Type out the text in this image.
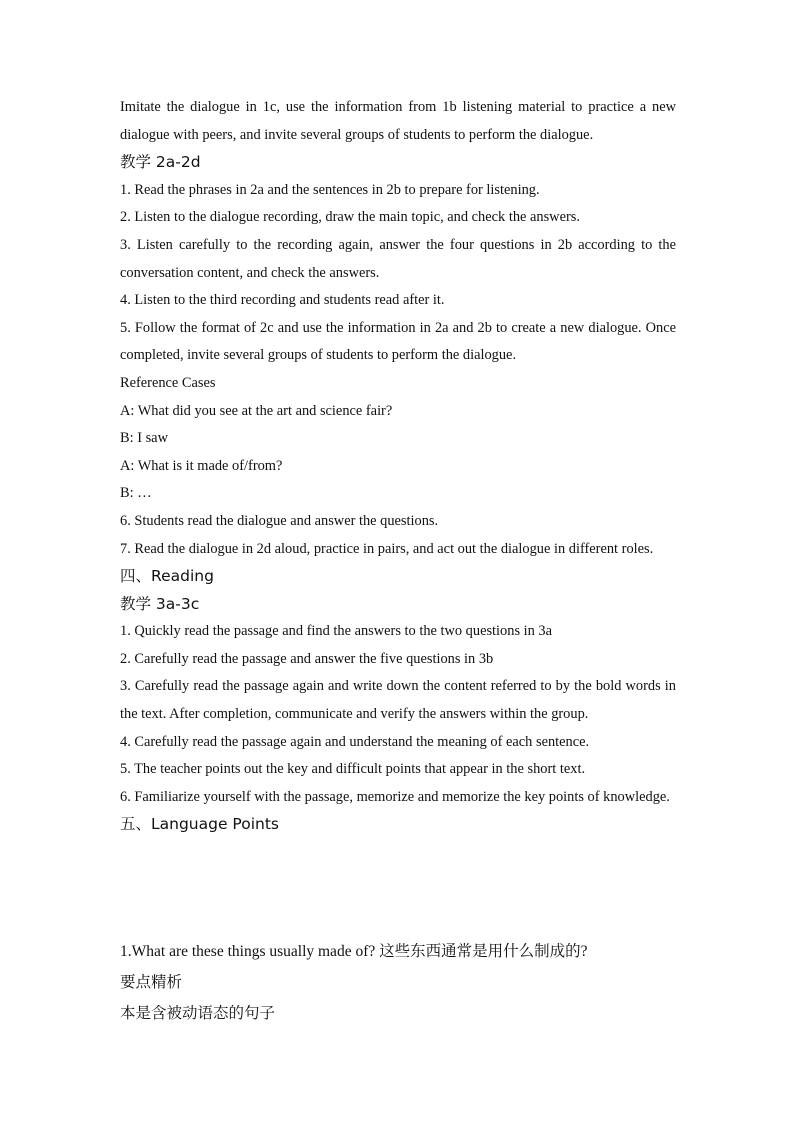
Imitate the dialogue in 1c, use the information from 1b listening material to practice a new dialogue with peers, and invite several groups of students to perform the dialogue.

教学 2a-2d

1. Read the phrases in 2a and the sentences in 2b to prepare for listening.

2. Listen to the dialogue recording, draw the main topic, and check the answers.

3. Listen carefully to the recording again, answer the four questions in 2b according to the conversation content, and check the answers.

4. Listen to the third recording and students read after it.

5. Follow the format of 2c and use the information in 2a and 2b to create a new dialogue. Once completed, invite several groups of students to perform the dialogue.

Reference Cases

A: What did you see at the art and science fair?

B: I saw

A: What is it made of/from?

B: …

6. Students read the dialogue and answer the questions.

7. Read the dialogue in 2d aloud, practice in pairs, and act out the dialogue in different roles.

四、Reading

教学 3a-3c

1. Quickly read the passage and find the answers to the two questions in 3a

2. Carefully read the passage and answer the five questions in 3b

3. Carefully read the passage again and write down the content referred to by the bold words in the text. After completion, communicate and verify the answers within the group.

4. Carefully read the passage again and understand the meaning of each sentence.

5. The teacher points out the key and difficult points that appear in the short text.

6. Familiarize yourself with the passage, memorize and memorize the key points of knowledge.

五、Language Points

1.What are these things usually made of? 这些东西通常是用什么制成的?

要点精析

本是含被动语态的句子
